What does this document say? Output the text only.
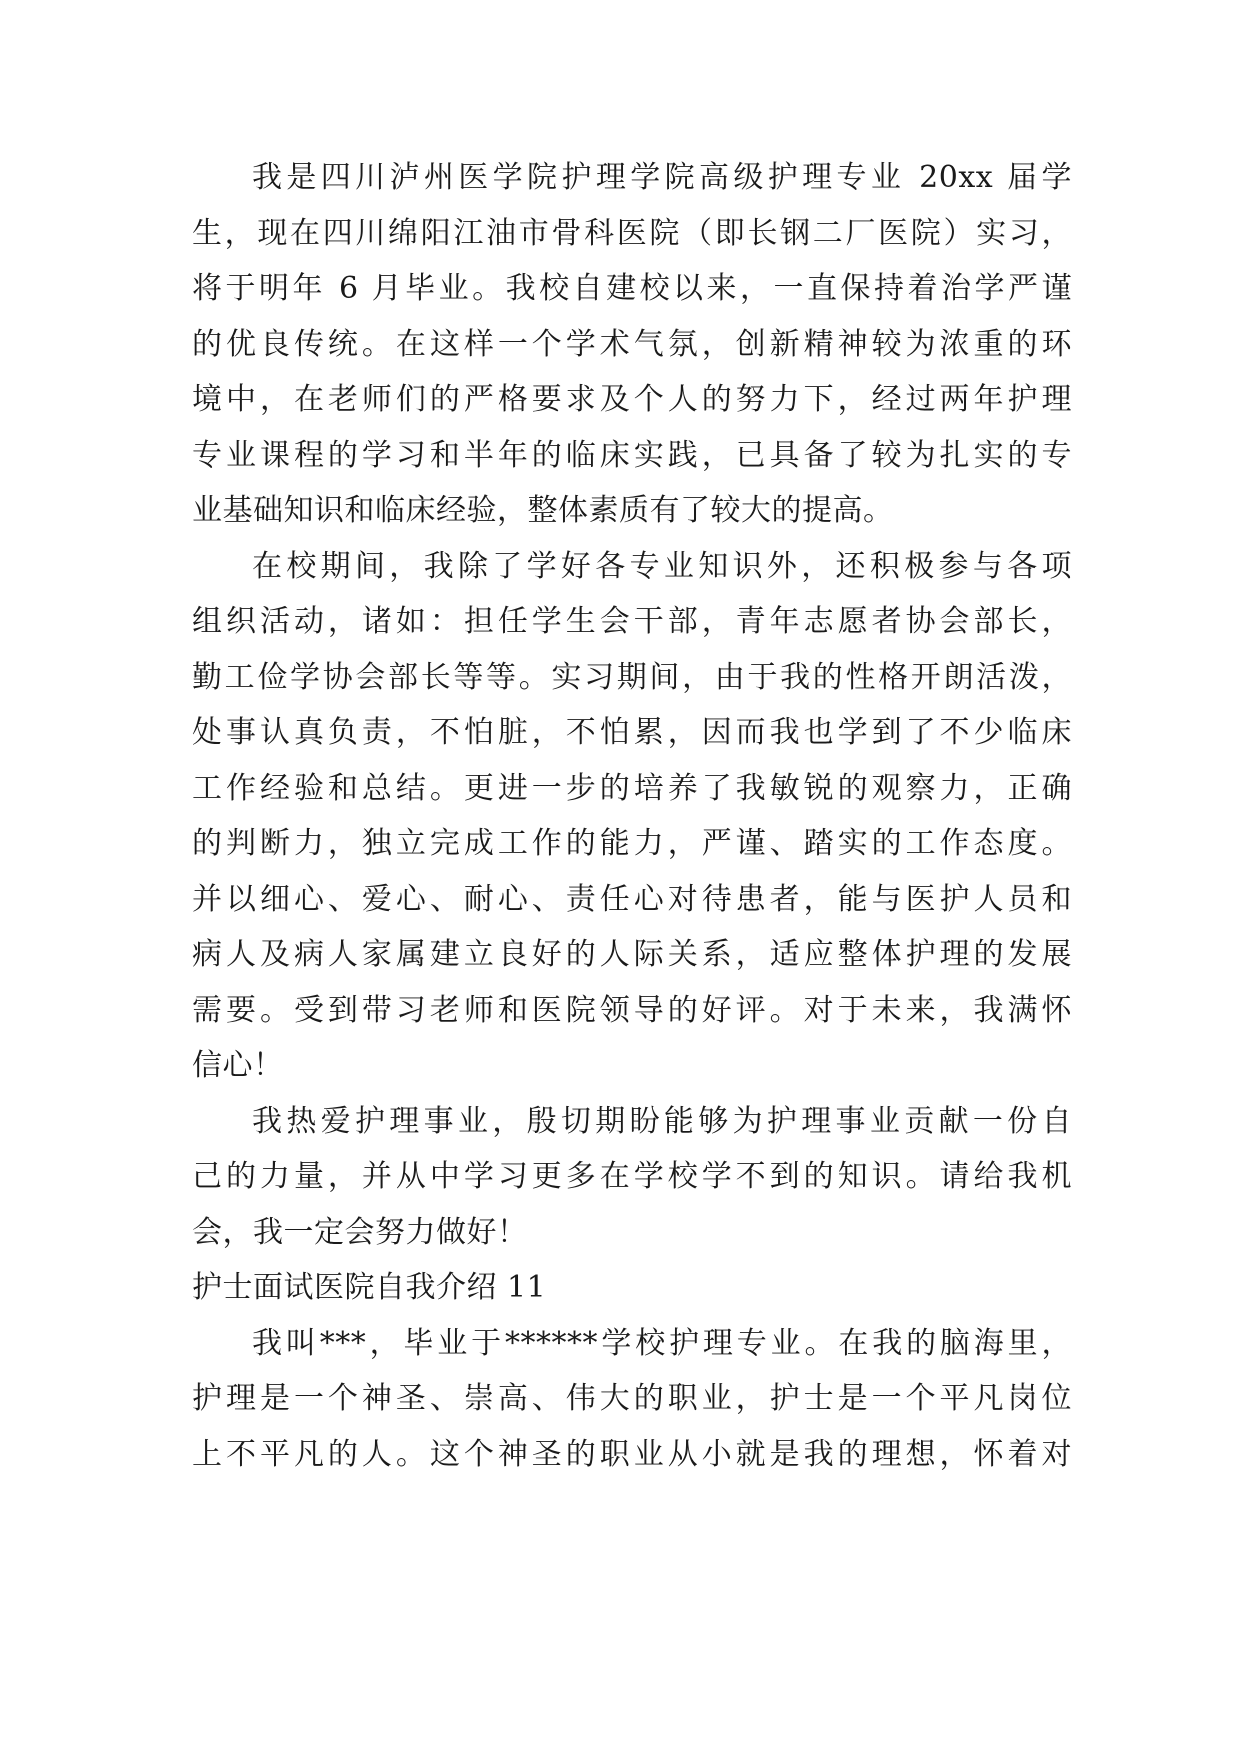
我是四川泸州医学院护理学院高级护理专业 20xx 届学
生，现在四川绵阳江油市骨科医院（即长钢二厂医院）实习，
将于明年 6 月毕业。我校自建校以来，一直保持着治学严谨
的优良传统。在这样一个学术气氛，创新精神较为浓重的环
境中，在老师们的严格要求及个人的努力下，经过两年护理
专业课程的学习和半年的临床实践，已具备了较为扎实的专
业基础知识和临床经验，整体素质有了较大的提高。
在校期间，我除了学好各专业知识外，还积极参与各项
组织活动，诸如：担任学生会干部，青年志愿者协会部长，
勤工俭学协会部长等等。实习期间，由于我的性格开朗活泼，
处事认真负责，不怕脏，不怕累，因而我也学到了不少临床
工作经验和总结。更进一步的培养了我敏锐的观察力，正确
的判断力，独立完成工作的能力，严谨、踏实的工作态度。
并以细心、爱心、耐心、责任心对待患者，能与医护人员和
病人及病人家属建立良好的人际关系，适应整体护理的发展
需要。受到带习老师和医院领导的好评。对于未来，我满怀
信心！
我热爱护理事业，殷切期盼能够为护理事业贡献一份自
己的力量，并从中学习更多在学校学不到的知识。请给我机
会，我一定会努力做好！
护士面试医院自我介绍 11
我叫***，毕业于******学校护理专业。在我的脑海里，
护理是一个神圣、崇高、伟大的职业，护士是一个平凡岗位
上不平凡的人。这个神圣的职业从小就是我的理想，怀着对
